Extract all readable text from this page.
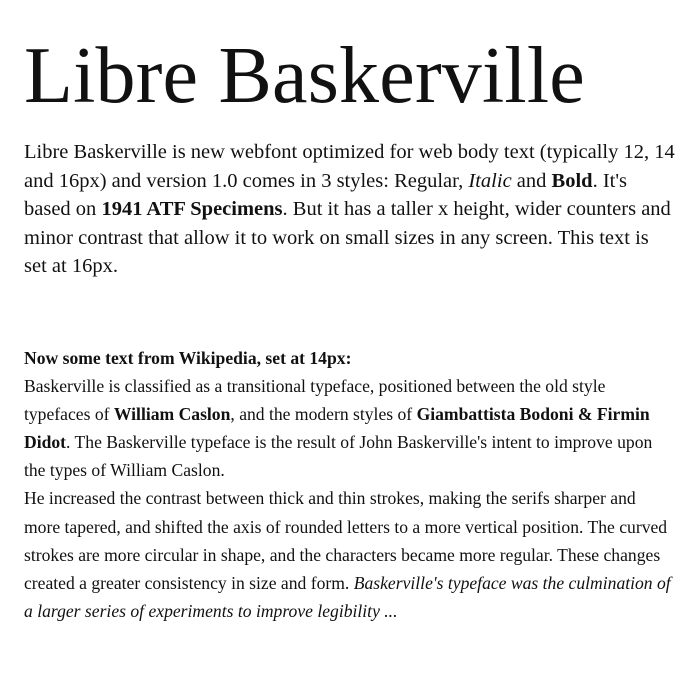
Libre Baskerville

Libre Baskerville is new webfont optimized for web body text (typically 12, 14 and 16px) and version 1.0 comes in 3 styles: Regular, Italic and Bold. It's based on 1941 ATF Specimens. But it has a taller x height, wider counters and minor contrast that allow it to work on small sizes in any screen. This text is set at 16px.

Now some text from Wikipedia, set at 14px:

Baskerville is classified as a transitional typeface, positioned between the old style typefaces of William Caslon, and the modern styles of Giambattista Bodoni & Firmin Didot. The Baskerville typeface is the result of John Baskerville's intent to improve upon the types of William Caslon.

He increased the contrast between thick and thin strokes, making the serifs sharper and more tapered, and shifted the axis of rounded letters to a more vertical position. The curved strokes are more circular in shape, and the characters became more regular. These changes created a greater consistency in size and form. Baskerville's typeface was the culmination of a larger series of experiments to improve legibility ...
